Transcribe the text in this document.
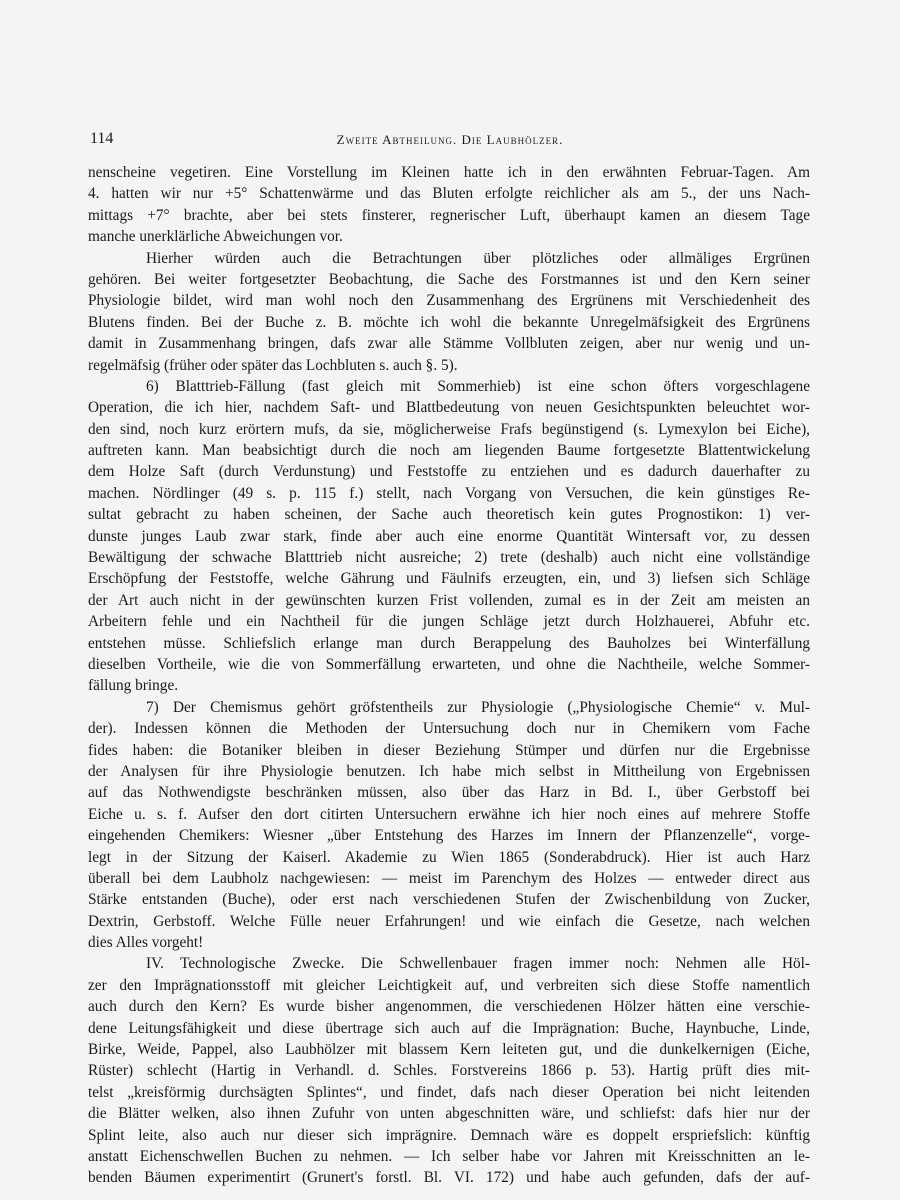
114	Zweite Abtheilung. Die Laubhölzer.
nenscheine vegetiren. Eine Vorstellung im Kleinen hatte ich in den erwähnten Februar-Tagen. Am
4. hatten wir nur +5° Schattenwärme und das Bluten erfolgte reichlicher als am 5., der uns Nach-
mittags +7° brachte, aber bei stets finsterer, regnerischer Luft, überhaupt kamen an diesem Tage
manche unerklärliche Abweichungen vor.
Hierher würden auch die Betrachtungen über plötzliches oder allmäliges Ergrünen
gehören. Bei weiter fortgesetzter Beobachtung, die Sache des Forstmannes ist und den Kern seiner
Physiologie bildet, wird man wohl noch den Zusammenhang des Ergrünens mit Verschiedenheit des
Blutens finden. Bei der Buche z. B. möchte ich wohl die bekannte Unregelmäfsigkeit des Ergrünens
damit in Zusammenhang bringen, dafs zwar alle Stämme Vollbluten zeigen, aber nur wenig und un-
regelmäfsig (früher oder später das Lochbluten s. auch §. 5).
6) Blatttrieb-Fällung (fast gleich mit Sommerhieb) ist eine schon öfters vorgeschlagene
Operation, die ich hier, nachdem Saft- und Blattbedeutung von neuen Gesichtspunkten beleuchtet wor-
den sind, noch kurz erörtern mufs, da sie, möglicherweise Frafs begünstigend (s. Lymexylon bei Eiche),
auftreten kann. Man beabsichtigt durch die noch am liegenden Baume fortgesetzte Blattentwickelung
dem Holze Saft (durch Verdunstung) und Feststoffe zu entziehen und es dadurch dauerhafter zu
machen. Nördlinger (49 s. p. 115 f.) stellt, nach Vorgang von Versuchen, die kein günstiges Re-
sultat gebracht zu haben scheinen, der Sache auch theoretisch kein gutes Prognostikon: 1) ver-
dunste junges Laub zwar stark, finde aber auch eine enorme Quantität Wintersaft vor, zu dessen
Bewältigung der schwache Blatttrieb nicht ausreiche; 2) trete (deshalb) auch nicht eine vollständige
Erschöpfung der Feststoffe, welche Gährung und Fäulnifs erzeugten, ein, und 3) liefsen sich Schläge
der Art auch nicht in der gewünschten kurzen Frist vollenden, zumal es in der Zeit am meisten an
Arbeitern fehle und ein Nachtheil für die jungen Schläge jetzt durch Holzhauerei, Abfuhr etc.
entstehen müsse. Schliefslich erlange man durch Berappelung des Bauholzes bei Winterfällung
dieselben Vortheile, wie die von Sommerfällung erwarteten, und ohne die Nachtheile, welche Sommer-
fällung bringe.
7) Der Chemismus gehört gröfstentheils zur Physiologie („Physiologische Chemie“ v. Mul-
der). Indessen können die Methoden der Untersuchung doch nur in Chemikern vom Fache
fides haben: die Botaniker bleiben in dieser Beziehung Stümper und dürfen nur die Ergebnisse
der Analysen für ihre Physiologie benutzen. Ich habe mich selbst in Mittheilung von Ergebnissen
auf das Nothwendigste beschränken müssen, also über das Harz in Bd. I., über Gerbstoff bei
Eiche u. s. f. Aufser den dort citirten Untersuchern erwähne ich hier noch eines auf mehrere Stoffe
eingehenden Chemikers: Wiesner „über Entstehung des Harzes im Innern der Pflanzenzelle“, vorge-
legt in der Sitzung der Kaiserl. Akademie zu Wien 1865 (Sonderabdruck). Hier ist auch Harz
überall bei dem Laubholz nachgewiesen: — meist im Parenchym des Holzes — entweder direct aus
Stärke entstanden (Buche), oder erst nach verschiedenen Stufen der Zwischenbildung von Zucker,
Dextrin, Gerbstoff. Welche Fülle neuer Erfahrungen! und wie einfach die Gesetze, nach welchen
dies Alles vorgeht!
IV. Technologische Zwecke. Die Schwellenbauer fragen immer noch: Nehmen alle Höl-
zer den Imprägnationsstoff mit gleicher Leichtigkeit auf, und verbreiten sich diese Stoffe namentlich
auch durch den Kern? Es wurde bisher angenommen, die verschiedenen Hölzer hätten eine verschie-
dene Leitungsfähigkeit und diese übertrage sich auch auf die Imprägnation: Buche, Haynbuche, Linde,
Birke, Weide, Pappel, also Laubhölzer mit blassem Kern leiteten gut, und die dunkelkernigen (Eiche,
Rüster) schlecht (Hartig in Verhandl. d. Schles. Forstvereins 1866 p. 53). Hartig prüft dies mit-
telst „kreisförmig durchsägten Splintes“, und findet, dafs nach dieser Operation bei nicht leitenden
die Blätter welken, also ihnen Zufuhr von unten abgeschnitten wäre, und schliefst: dafs hier nur der
Splint leite, also auch nur dieser sich imprägnire. Demnach wäre es doppelt erspriefslich: künftig
anstatt Eichenschwellen Buchen zu nehmen. — Ich selber habe vor Jahren mit Kreisschnitten an le-
benden Bäumen experimentirt (Grunert's forstl. Bl. VI. 172) und habe auch gefunden, dafs der auf-
